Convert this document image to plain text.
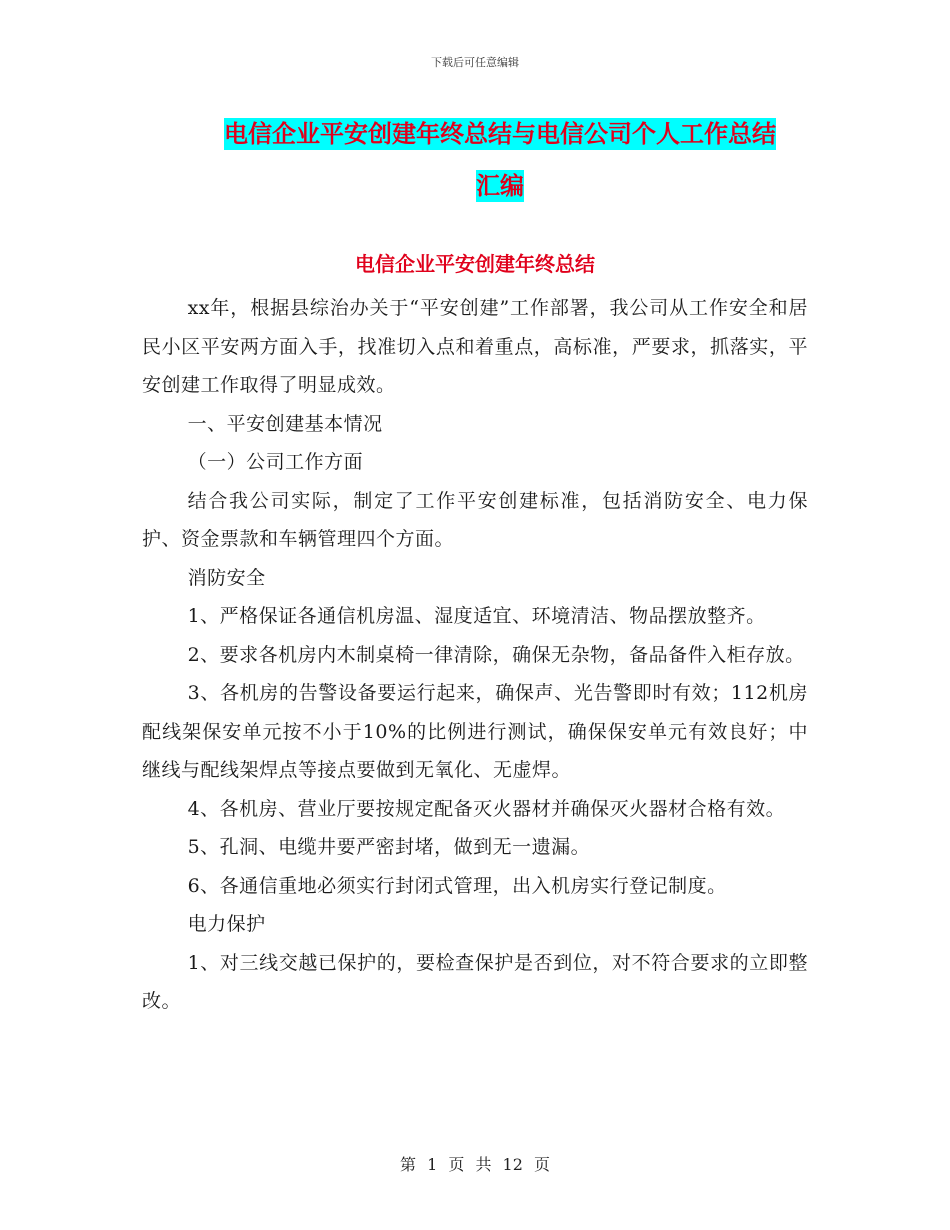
下载后可任意编辑
电信企业平安创建年终总结与电信公司个人工作总结
汇编
电信企业平安创建年终总结

xx年，根据县综治办关于“平安创建”工作部署，我公司从工作安全和居民小区平安两方面入手，找准切入点和着重点，高标准，严要求，抓落实，平安创建工作取得了明显成效。

一、平安创建基本情况

（一）公司工作方面

结合我公司实际，制定了工作平安创建标准，包括消防安全、电力保护、资金票款和车辆管理四个方面。

消防安全

1、严格保证各通信机房温、湿度适宜、环境清洁、物品摆放整齐。

2、要求各机房内木制桌椅一律清除，确保无杂物，备品备件入柜存放。

3、各机房的告警设备要运行起来，确保声、光告警即时有效；112机房配线架保安单元按不小于10%的比例进行测试，确保保安单元有效良好；中继线与配线架焊点等接点要做到无氧化、无虚焊。

4、各机房、营业厅要按规定配备灭火器材并确保灭火器材合格有效。

5、孔洞、电缆井要严密封堵，做到无一遗漏。

6、各通信重地必须实行封闭式管理，出入机房实行登记制度。

电力保护

1、对三线交越已保护的，要检查保护是否到位，对不符合要求的立即整改。

第 1 页 共 12 页
